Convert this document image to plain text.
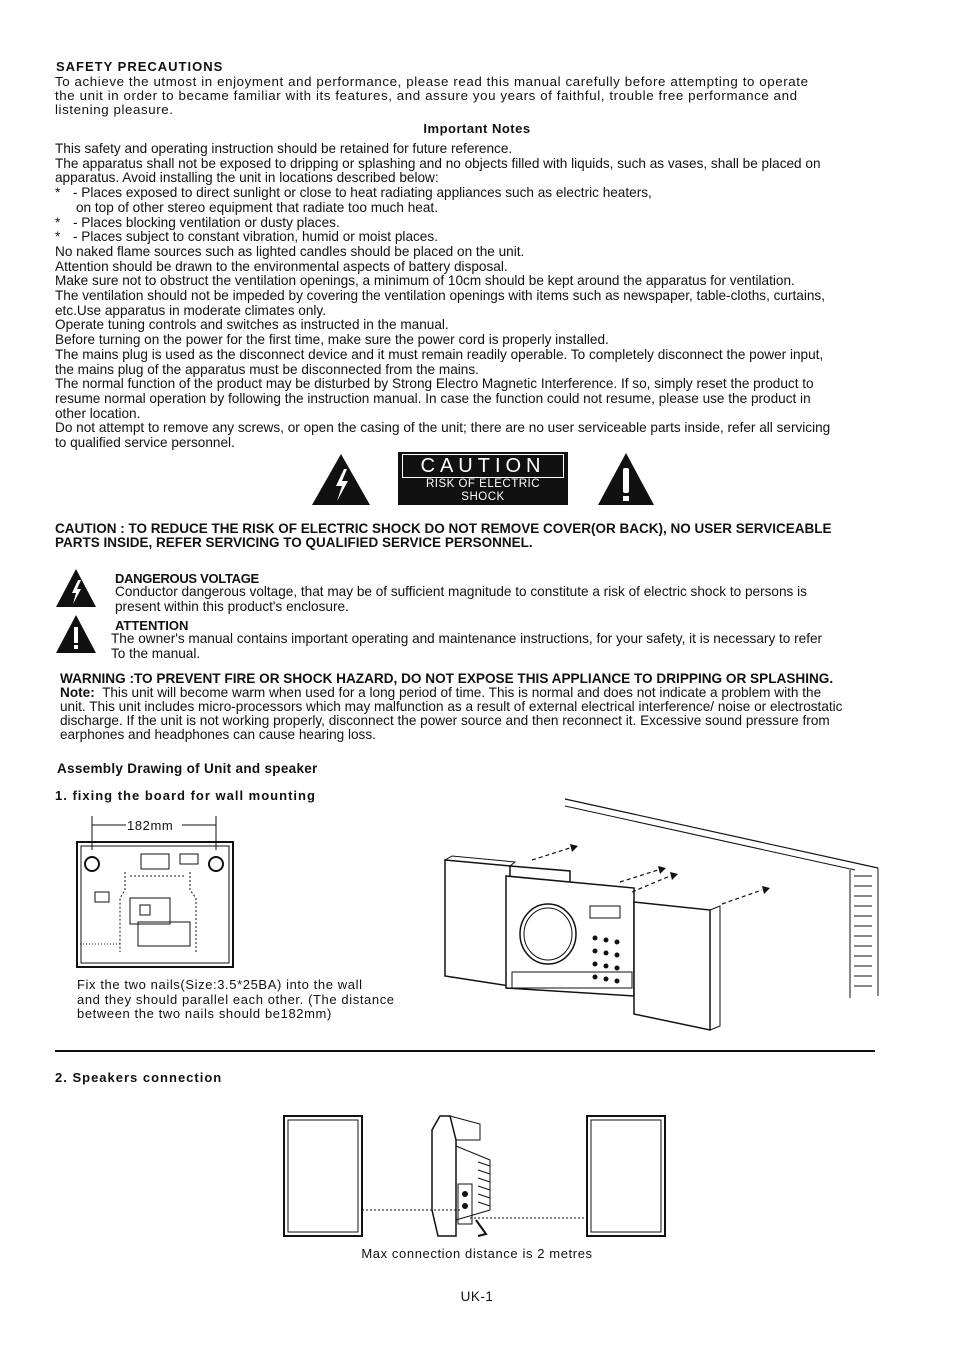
SAFETY PRECAUTIONS
To achieve the utmost in enjoyment and performance, please read this manual carefully before attempting to operate
the unit in order to became familiar with its features, and assure you years of faithful, trouble free performance and
listening pleasure.
Important Notes
This safety and operating instruction should be retained for future reference.
The apparatus shall not be exposed to dripping or splashing and no objects filled with liquids, such as vases, shall be placed on
apparatus. Avoid installing the unit in locations described below:
* - Places exposed to direct sunlight or close to heat radiating appliances such as electric heaters,
on top of other stereo equipment that radiate too much heat.
* - Places blocking ventilation or dusty places.
* - Places subject to constant vibration, humid or moist places.
No naked flame sources such as lighted candles should be placed on the unit.
Attention should be drawn to the environmental aspects of battery disposal.
Make sure not to obstruct the ventilation openings, a minimum of 10cm should be kept around the apparatus for ventilation.
The ventilation should not be impeded by covering the ventilation openings with items such as newspaper, table-cloths, curtains,
etc.Use apparatus in moderate climates only.
Operate tuning controls and switches as instructed in the manual.
Before turning on the power for the first time, make sure the power cord is properly installed.
The mains plug is used as the disconnect device and it must remain readily operable. To completely disconnect the power input,
the mains plug of the apparatus must be disconnected from the mains.
The normal function of the product may be disturbed by Strong Electro Magnetic Interference. If so, simply reset the product to
resume normal operation by following the instruction manual. In case the function could not resume, please use the product in
other location.
Do not attempt to remove any screws, or open the casing of the unit; there are no user serviceable parts inside, refer all servicing
to qualified service personnel.
CAUTION
RISK OF ELECTRIC
SHOCK
CAUTION : TO REDUCE THE RISK OF ELECTRIC SHOCK DO NOT REMOVE COVER(OR BACK), NO USER SERVICEABLE
PARTS INSIDE, REFER SERVICING TO QUALIFIED SERVICE PERSONNEL.
DANGEROUS VOLTAGE
Conductor dangerous voltage, that may be of sufficient magnitude to constitute a risk of electric shock to persons is
present within this product's enclosure.
ATTENTION
The owner's manual contains important operating and maintenance instructions, for your safety, it is necessary to refer
To the manual.
WARNING :TO PREVENT FIRE OR SHOCK HAZARD, DO NOT EXPOSE THIS APPLIANCE TO DRIPPING OR SPLASHING.
Note: This unit will become warm when used for a long period of time. This is normal and does not indicate a problem with the
unit. This unit includes micro-processors which may malfunction as a result of external electrical interference/ noise or electrostatic
discharge. If the unit is not working properly, disconnect the power source and then reconnect it. Excessive sound pressure from
earphones and headphones can cause hearing loss.
Assembly Drawing of Unit and speaker
1. fixing the board for wall mounting
182mm
Fix the two nails(Size:3.5*25BA) into the wall
and they should parallel each other. (The distance
between the two nails should be182mm)
2. Speakers connection
Max connection distance is 2 metres
UK-1
